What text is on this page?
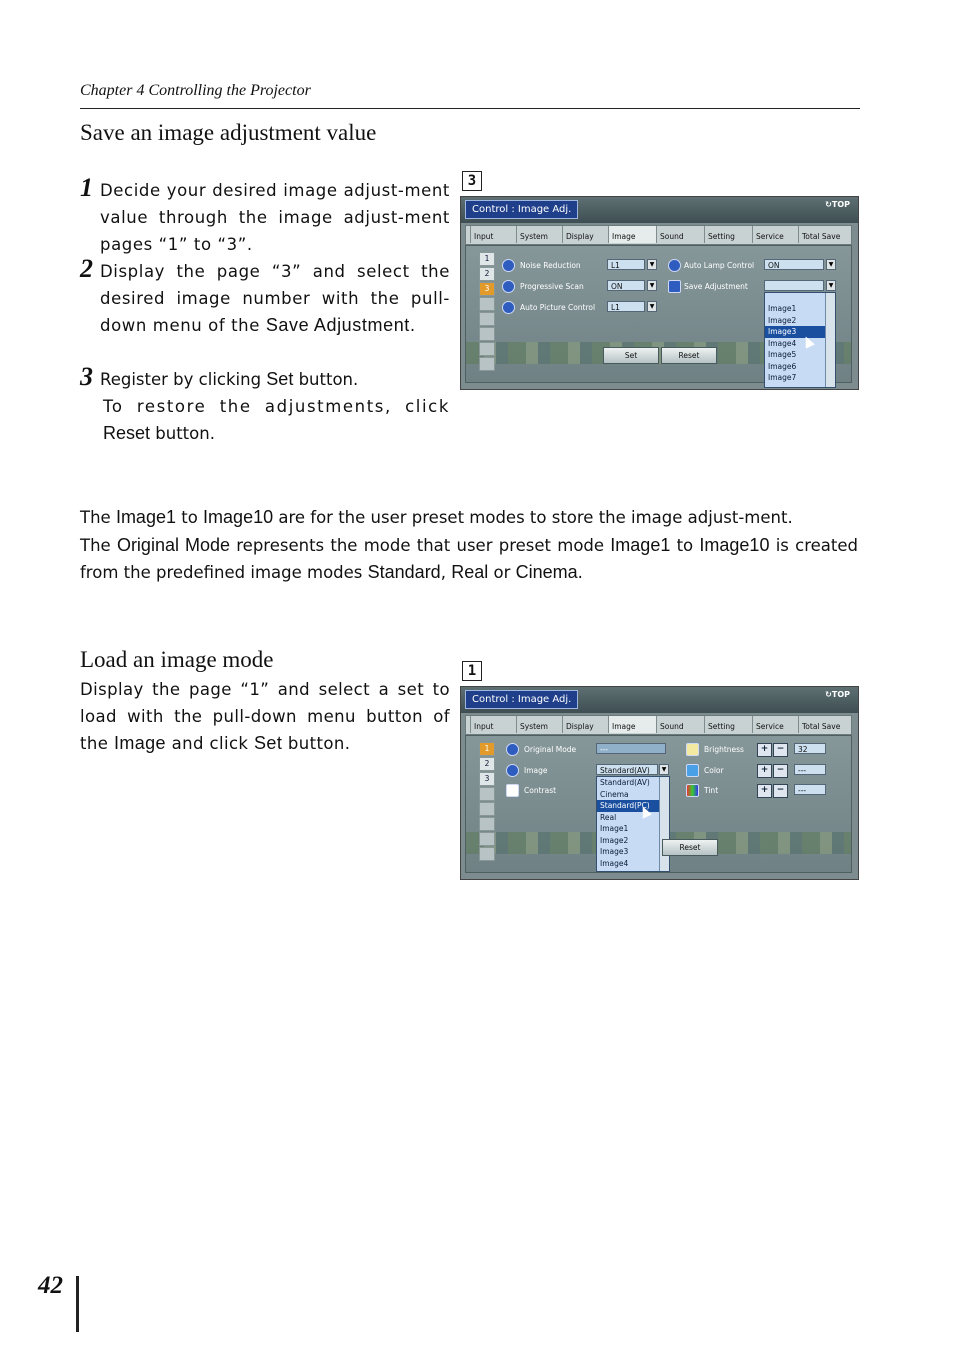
Chapter 4 Controlling the Projector
Save an image adjustment value
1 Decide your desired image adjust-ment value through the image adjust-ment pages “1” to “3”.
2 Display the page “3” and select the desired image number with the pull-down menu of the Save Adjustment.
3 Register by clicking Set button.
To restore the adjustments, click
Reset button.
3
Control : Image Adj.	↻TOP
Input	System	Display	Image	Sound	Setting	Service	Total Save
1
2
3
Noise Reduction	L1	▼
Progressive Scan	ON	▼
Auto Picture Control	L1	▼
Auto Lamp Control	ON	▼
Save Adjustment	▼
Image1
Image2
Image3
Image4
Image5
Image6
Image7
Set	Reset
The Image1 to Image10 are for the user preset modes to store the image adjust-ment.
The Original Mode represents the mode that user preset mode Image1 to Image10 is created from the predefined image modes Standard, Real or Cinema.
Load an image mode
Display the page “1” and select a set to load with the pull-down menu button of the Image and click Set button.
1
Control : Image Adj.	↻TOP
Input	System	Display	Image	Sound	Setting	Service	Total Save
1
2
3
Original Mode	---
Image	Standard(AV)	▼
Contrast
Standard(AV)
Cinema
Standard(PC)
Real
Image1
Image2
Image3
Image4
Brightness	+ −	32
Color	+ −	---
Tint	+ −	---
Reset
42
